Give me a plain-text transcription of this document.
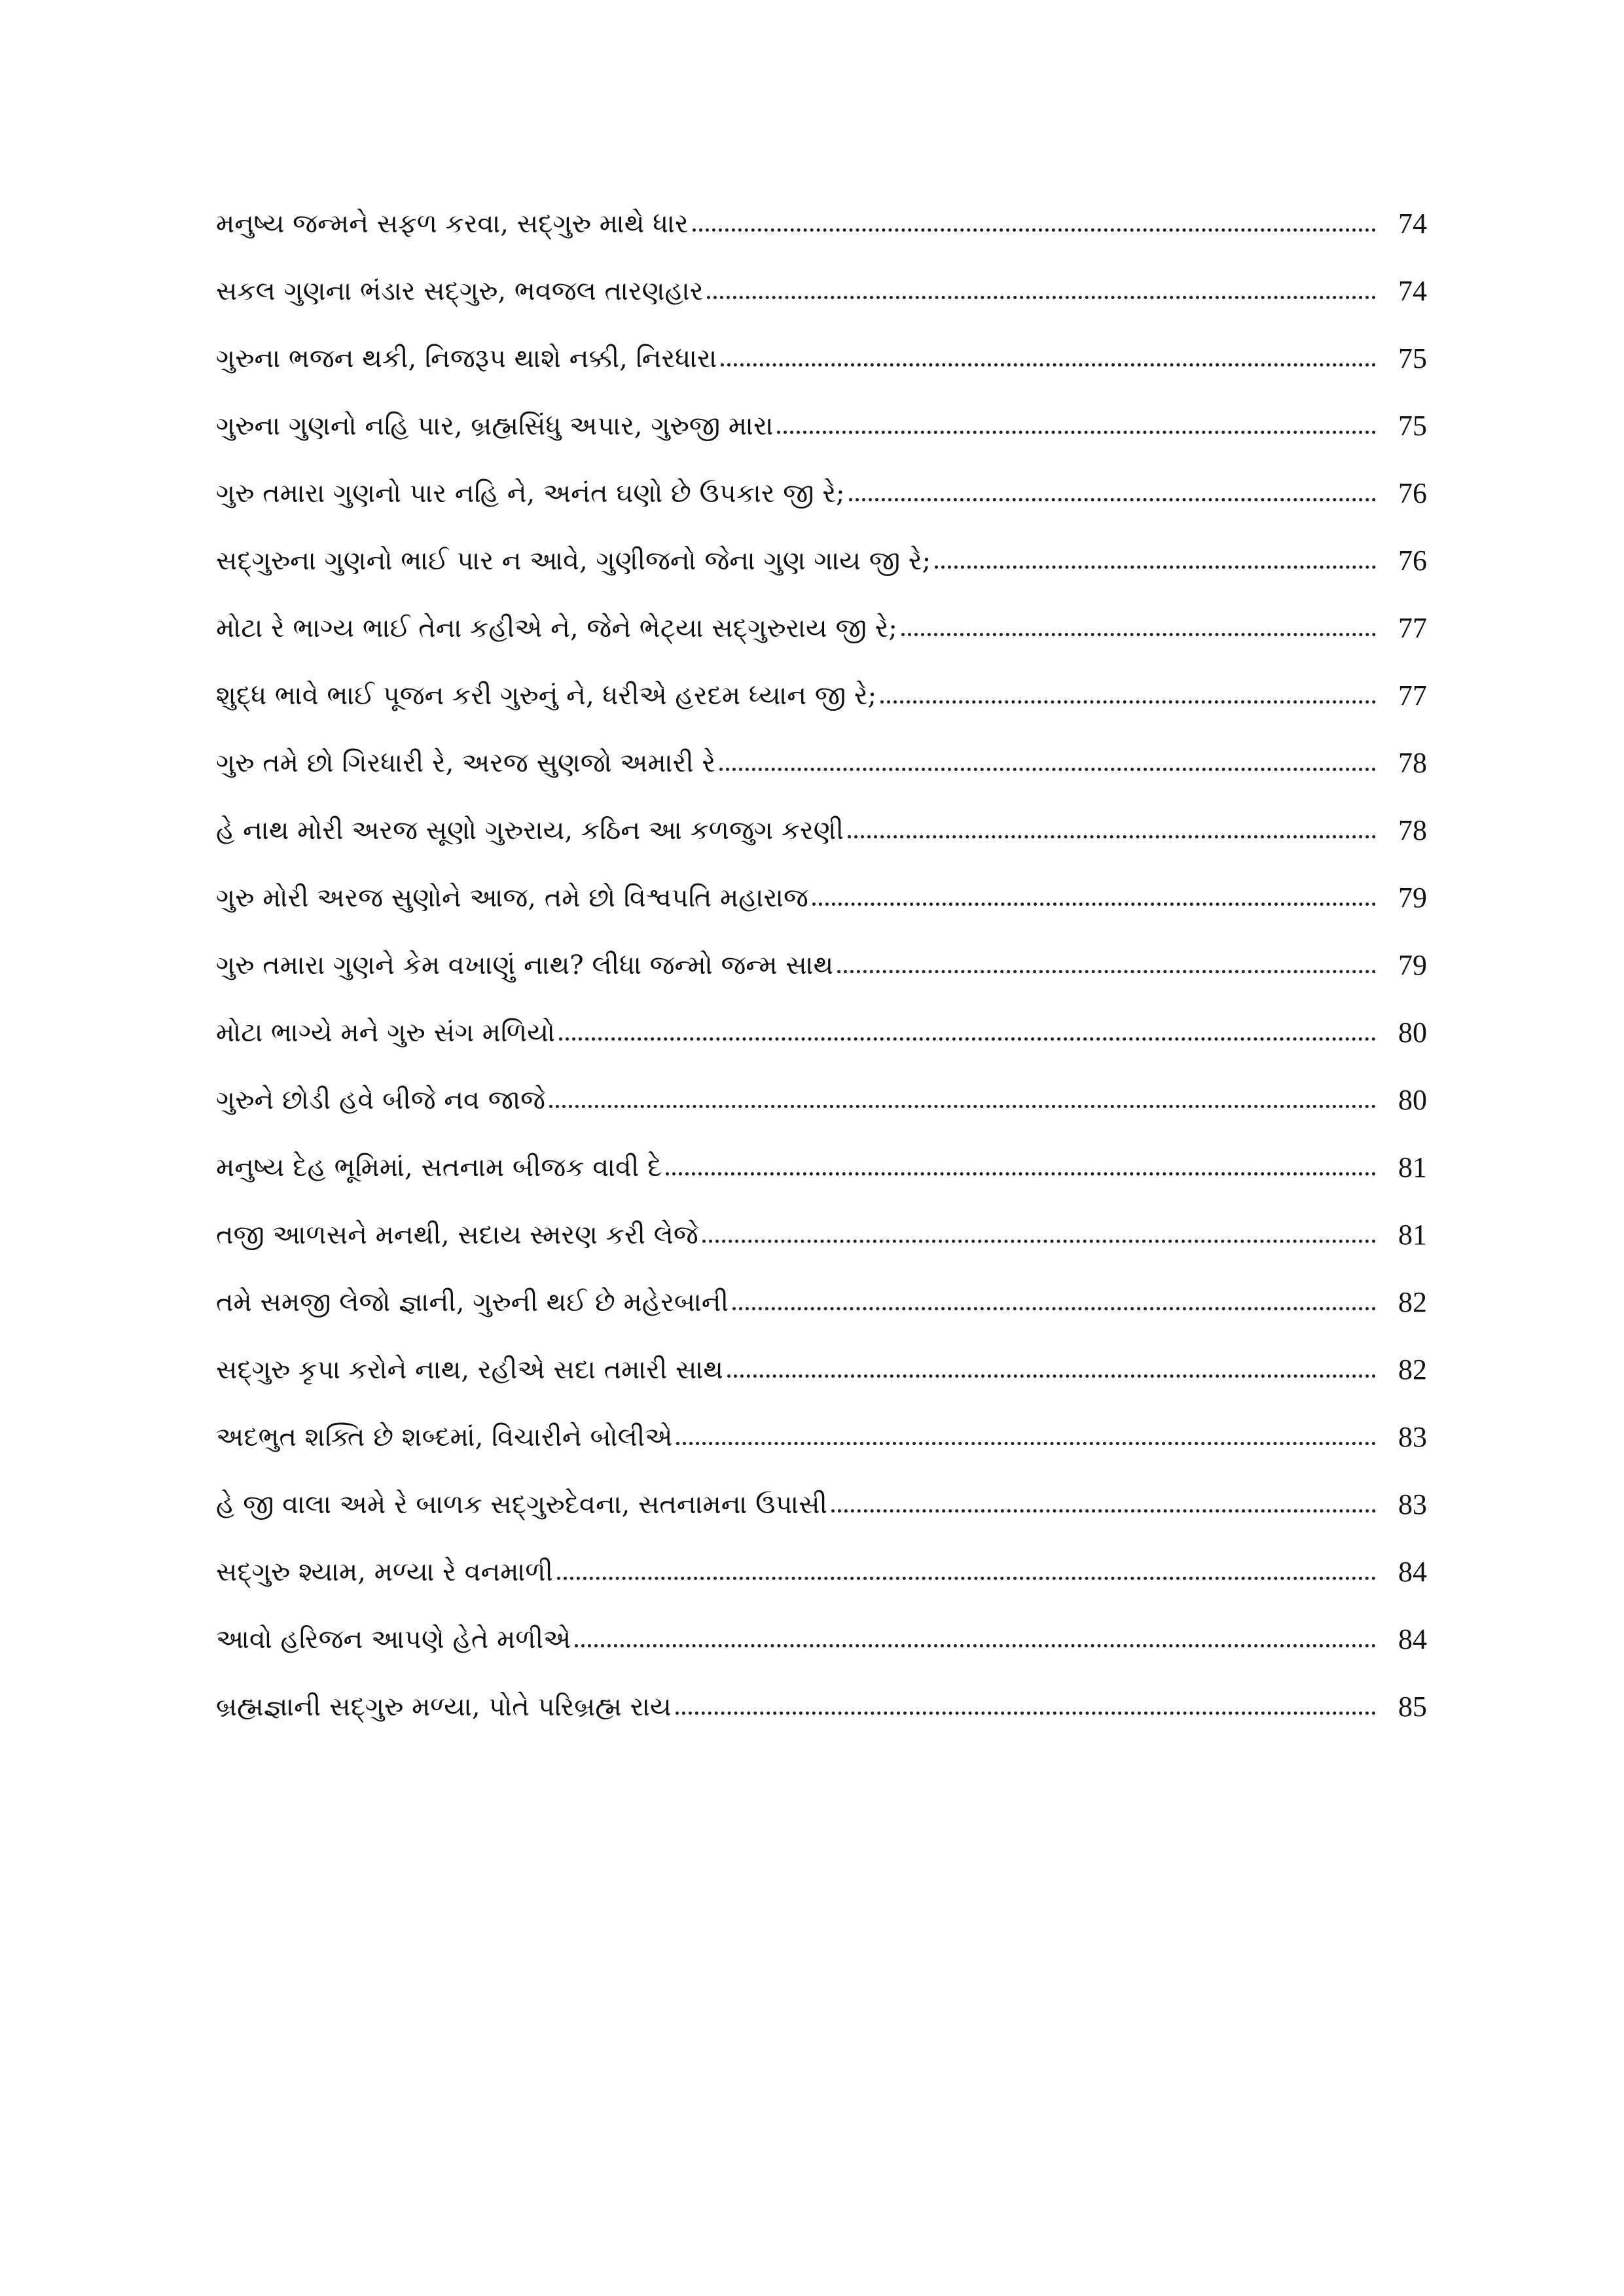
મનુષ્ય જન્મને સફળ કરવા, સદ્ગુરુ માથે ધાર	74
સકલ ગુણના ભંડાર સદ્ગુરુ, ભવજલ તારણહાર	74
ગુરુના ભજન થકી, નિજરૂપ થાશે નક્કી, નિરધારા	75
ગુરુના ગુણનો નહિ પાર, બ્રહ્મસિંધુ અપાર, ગુરુજી મારા	75
ગુરુ તમારા ગુણનો પાર નહિ ને, અનંત ઘણો છે ઉપકાર જી રે;	76
સદ્ગુરુના ગુણનો ભાઈ પાર ન આવે, ગુણીજનો જેના ગુણ ગાય જી રે;	76
મોટા રે ભાગ્ય ભાઈ તેના કહીએ ને, જેને ભેટ્યા સદ્ગુરુરાય જી રે;	77
શુદ્ધ ભાવે ભાઈ પૂજન કરી ગુરુનું ને, ધરીએ હરદમ ધ્યાન જી રે;	77
ગુરુ તમે છો ગિરધારી રે, અરજ સુણજો અમારી રે	78
હે નાથ મોરી અરજ સૂણો ગુરુરાય, કઠિન આ કળજુગ કરણી	78
ગુરુ મોરી અરજ સુણોને આજ, તમે છો વિશ્વપતિ મહારાજ	79
ગુરુ તમારા ગુણને કેમ વખાણું નાથ? લીધા જન્મો જન્મ સાથ	79
મોટા ભાગ્યે મને ગુરુ સંગ મળિયો	80
ગુરુને છોડી હવે બીજે નવ જાજે	80
મનુષ્ય દેહ ભૂમિમાં, સતનામ બીજક વાવી દે	81
તજી આળસને મનથી, સદાય સ્મરણ કરી લેજે	81
તમે સમજી લેજો જ્ઞાની, ગુરુની થઈ છે મહેરબાની	82
સદ્ગુરુ કૃપા કરોને નાથ, રહીએ સદા તમારી સાથ	82
અદભુત શક્તિ છે શબ્દમાં, વિચારીને બોલીએ	83
હે જી વાલા અમે રે બાળક સદ્ગુરુદેવના, સતનામના ઉપાસી	83
સદ્ગુરુ શ્યામ, મળ્યા રે વનમાળી	84
આવો હરિજન આપણે હેતે મળીએ	84
બ્રહ્મજ્ઞાની સદ્ગુરુ મળ્યા, પોતે પરિબ્રહ્મ રાય	85
